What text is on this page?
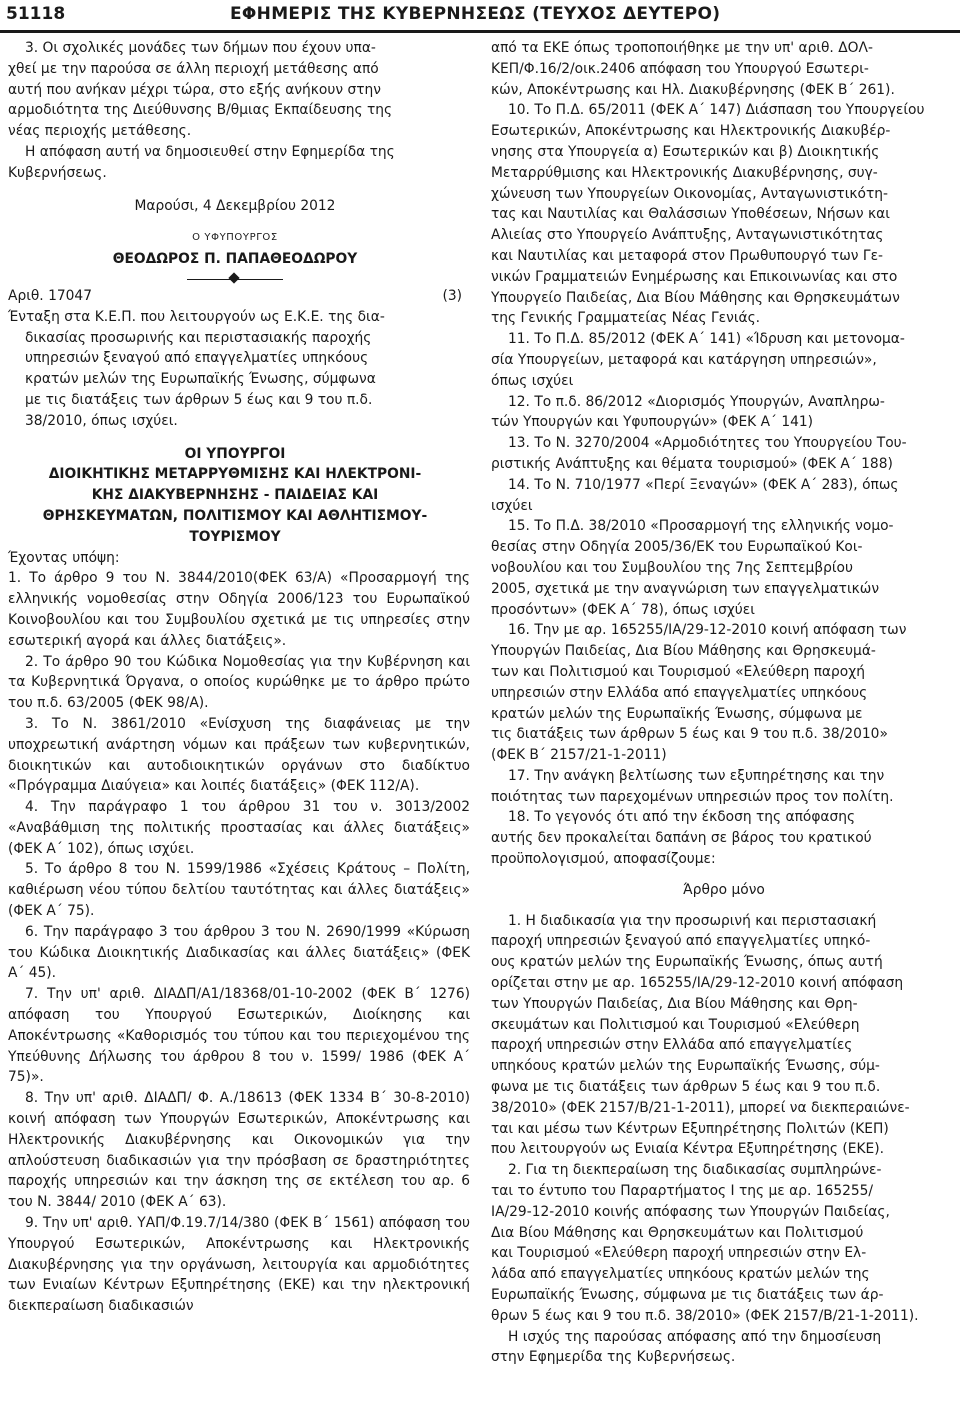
51118	ΕΦΗΜΕΡΙΣ ΤΗΣ ΚΥΒΕΡΝΗΣΕΩΣ (ΤΕΥΧΟΣ ΔΕΥΤΕΡΟ)
3. Οι σχολικές μονάδες των δήμων που έχουν υπα-
χθεί με την παρούσα σε άλλη περιοχή μετάθεσης από
αυτή που ανήκαν μέχρι τώρα, στο εξής ανήκουν στην
αρμοδιότητα της Διεύθυνσης Β/θμιας Εκπαίδευσης της
νέας περιοχής μετάθεσης.
Η απόφαση αυτή να δημοσιευθεί στην Εφημερίδα της
Κυβερνήσεως.
Μαρούσι, 4 Δεκεμβρίου 2012
Ο ΥΦΥΠΟΥΡΓΟΣ
ΘΕΟΔΩΡΟΣ Π. ΠΑΠΑΘΕΟΔΩΡΟΥ
Αριθ. 17047	(3)
Ένταξη στα Κ.Ε.Π. που λειτουργούν ως Ε.Κ.Ε. της δια-
δικασίας προσωρινής και περιστασιακής παροχής
υπηρεσιών ξεναγού από επαγγελματίες υπηκόους
κρατών μελών της Ευρωπαϊκής Ένωσης, σύμφωνα
με τις διατάξεις των άρθρων 5 έως και 9 του π.δ.
38/2010, όπως ισχύει.
ΟΙ ΥΠΟΥΡΓΟΙ
ΔΙΟΙΚΗΤΙΚΗΣ ΜΕΤΑΡΡΥΘΜΙΣΗΣ ΚΑΙ ΗΛΕΚΤΡΟΝΙ-
ΚΗΣ ΔΙΑΚΥΒΕΡΝΗΣΗΣ - ΠΑΙΔΕΙΑΣ ΚΑΙ
ΘΡΗΣΚΕΥΜΑΤΩΝ, ΠΟΛΙΤΙΣΜΟΥ ΚΑΙ ΑΘΛΗΤΙΣΜΟΥ-
ΤΟΥΡΙΣΜΟΥ
Έχοντας υπόψη:
1. Το άρθρο 9 του Ν. 3844/2010(ΦΕΚ 63/Α) «Προσαρμογή της ελληνικής νομοθεσίας στην Οδηγία 2006/123 του Ευρωπαϊκού Κοινοβουλίου και του Συμβουλίου σχετικά με τις υπηρεσίες στην εσωτερική αγορά και άλλες διατάξεις».
2. Το άρθρο 90 του Κώδικα Νομοθεσίας για την Κυβέρνηση και τα Κυβερνητικά Όργανα, ο οποίος κυρώθηκε με το άρθρο πρώτο του π.δ. 63/2005 (ΦΕΚ 98/Α).
3. Το Ν. 3861/2010 «Ενίσχυση της διαφάνειας με την υποχρεωτική ανάρτηση νόμων και πράξεων των κυβερνητικών, διοικητικών και αυτοδιοικητικών οργάνων στο διαδίκτυο «Πρόγραμμα Διαύγεια» και λοιπές διατάξεις» (ΦΕΚ 112/Α).
4. Την παράγραφο 1 του άρθρου 31 του ν. 3013/2002 «Αναβάθμιση της πολιτικής προστασίας και άλλες διατάξεις» (ΦΕΚ Α΄ 102), όπως ισχύει.
5. Το άρθρο 8 του Ν. 1599/1986 «Σχέσεις Κράτους – Πολίτη, καθιέρωση νέου τύπου δελτίου ταυτότητας και άλλες διατάξεις» (ΦΕΚ Α΄ 75).
6. Την παράγραφο 3 του άρθρου 3 του Ν. 2690/1999 «Κύρωση του Κώδικα Διοικητικής Διαδικασίας και άλλες διατάξεις» (ΦΕΚ Α΄ 45).
7. Την υπ' αριθ. ΔΙΑΔΠ/Α1/18368/01-10-2002 (ΦΕΚ Β΄ 1276) απόφαση του Υπουργού Εσωτερικών, Διοίκησης και Αποκέντρωσης «Καθορισμός του τύπου και του περιεχομένου της Υπεύθυνης Δήλωσης του άρθρου 8 του ν. 1599/ 1986 (ΦΕΚ Α΄ 75)».
8. Την υπ' αριθ. ΔΙΑΔΠ/ Φ. Α./18613 (ΦΕΚ 1334 Β΄ 30-8-2010) κοινή απόφαση των Υπουργών Εσωτερικών, Αποκέντρωσης και Ηλεκτρονικής Διακυβέρνησης και Οικονομικών για την απλούστευση διαδικασιών για την πρόσβαση σε δραστηριότητες παροχής υπηρεσιών και την άσκηση της σε εκτέλεση του αρ. 6 του Ν. 3844/ 2010 (ΦΕΚ Α΄ 63).
9. Την υπ' αριθ. ΥΑΠ/Φ.19.7/14/380 (ΦΕΚ Β΄ 1561) απόφαση του Υπουργού Εσωτερικών, Αποκέντρωσης και Ηλεκτρονικής Διακυβέρνησης για την οργάνωση, λειτουργία και αρμοδιότητες των Ενιαίων Κέντρων Εξυπηρέτησης (ΕΚΕ) και την ηλεκτρονική διεκπεραίωση διαδικασιών
από τα ΕΚΕ όπως τροποποιήθηκε με την υπ' αριθ. ΔΟΛ-
ΚΕΠ/Φ.16/2/οικ.2406 απόφαση του Υπουργού Εσωτερι-
κών, Αποκέντρωσης και Ηλ. Διακυβέρνησης (ΦΕΚ Β΄ 261).
10. Το Π.Δ. 65/2011 (ΦΕΚ Α΄ 147) Διάσπαση του Υπουργείου
Εσωτερικών, Αποκέντρωσης και Ηλεκτρονικής Διακυβέρ-
νησης στα Υπουργεία α) Εσωτερικών και β) Διοικητικής
Μεταρρύθμισης και Ηλεκτρονικής Διακυβέρνησης, συγ-
χώνευση των Υπουργείων Οικονομίας, Ανταγωνιστικότη-
τας και Ναυτιλίας και Θαλάσσιων Υποθέσεων, Νήσων και
Αλιείας στο Υπουργείο Ανάπτυξης, Ανταγωνιστικότητας
και Ναυτιλίας και μεταφορά στον Πρωθυπουργό των Γε-
νικών Γραμματειών Ενημέρωσης και Επικοινωνίας και στο
Υπουργείο Παιδείας, Δια Βίου Μάθησης και Θρησκευμάτων
της Γενικής Γραμματείας Νέας Γενιάς.
11. Το Π.Δ. 85/2012 (ΦΕΚ Α΄ 141) «Ίδρυση και μετονομα-
σία Υπουργείων, μεταφορά και κατάργηση υπηρεσιών»,
όπως ισχύει
12. Το π.δ. 86/2012 «Διορισμός Υπουργών, Αναπληρω-
τών Υπουργών και Υφυπουργών» (ΦΕΚ Α΄ 141)
13. Το Ν. 3270/2004 «Αρμοδιότητες του Υπουργείου Του-
ριστικής Ανάπτυξης και θέματα τουρισμού» (ΦΕΚ Α΄ 188)
14. Το Ν. 710/1977 «Περί Ξεναγών» (ΦΕΚ Α΄ 283), όπως
ισχύει
15. Το Π.Δ. 38/2010 «Προσαρμογή της ελληνικής νομο-
θεσίας στην Οδηγία 2005/36/ΕΚ του Ευρωπαϊκού Κοι-
νοβουλίου και του Συμβουλίου της 7ης Σεπτεμβρίου
2005, σχετικά με την αναγνώριση των επαγγελματικών
προσόντων» (ΦΕΚ Α΄ 78), όπως ισχύει
16. Την με αρ. 165255/ΙΑ/29-12-2010 κοινή απόφαση των
Υπουργών Παιδείας, Δια Βίου Μάθησης και Θρησκευμά-
των και Πολιτισμού και Τουρισμού «Ελεύθερη παροχή
υπηρεσιών στην Ελλάδα από επαγγελματίες υπηκόους
κρατών μελών της Ευρωπαϊκής Ένωσης, σύμφωνα με
τις διατάξεις των άρθρων 5 έως και 9 του π.δ. 38/2010»
(ΦΕΚ Β΄ 2157/21-1-2011)
17. Την ανάγκη βελτίωσης των εξυπηρέτησης και την
ποιότητας των παρεχομένων υπηρεσιών προς τον πολίτη.
18. Το γεγονός ότι από την έκδοση της απόφασης
αυτής δεν προκαλείται δαπάνη σε βάρος του κρατικού
προϋπολογισμού, αποφασίζουμε:
Άρθρο μόνο
1. Η διαδικασία για την προσωρινή και περιστασιακή
παροχή υπηρεσιών ξεναγού από επαγγελματίες υπηκό-
ους κρατών μελών της Ευρωπαϊκής Ένωσης, όπως αυτή
ορίζεται στην με αρ. 165255/ΙΑ/29-12-2010 κοινή απόφαση
των Υπουργών Παιδείας, Δια Βίου Μάθησης και Θρη-
σκευμάτων και Πολιτισμού και Τουρισμού «Ελεύθερη
παροχή υπηρεσιών στην Ελλάδα από επαγγελματίες
υπηκόους κρατών μελών της Ευρωπαϊκής Ένωσης, σύμ-
φωνα με τις διατάξεις των άρθρων 5 έως και 9 του π.δ.
38/2010» (ΦΕΚ 2157/Β/21-1-2011), μπορεί να διεκπεραιώνε-
ται και μέσω των Κέντρων Εξυπηρέτησης Πολιτών (ΚΕΠ)
που λειτουργούν ως Ενιαία Κέντρα Εξυπηρέτησης (ΕΚΕ).
2. Για τη διεκπεραίωση της διαδικασίας συμπληρώνε-
ται το έντυπο του Παραρτήματος Ι της με αρ. 165255/
ΙΑ/29-12-2010 κοινής απόφασης των Υπουργών Παιδείας,
Δια Βίου Μάθησης και Θρησκευμάτων και Πολιτισμού
και Τουρισμού «Ελεύθερη παροχή υπηρεσιών στην Ελ-
λάδα από επαγγελματίες υπηκόους κρατών μελών της
Ευρωπαϊκής Ένωσης, σύμφωνα με τις διατάξεις των άρ-
θρων 5 έως και 9 του π.δ. 38/2010» (ΦΕΚ 2157/Β/21-1-2011).
Η ισχύς της παρούσας απόφασης από την δημοσίευση
στην Εφημερίδα της Κυβερνήσεως.
